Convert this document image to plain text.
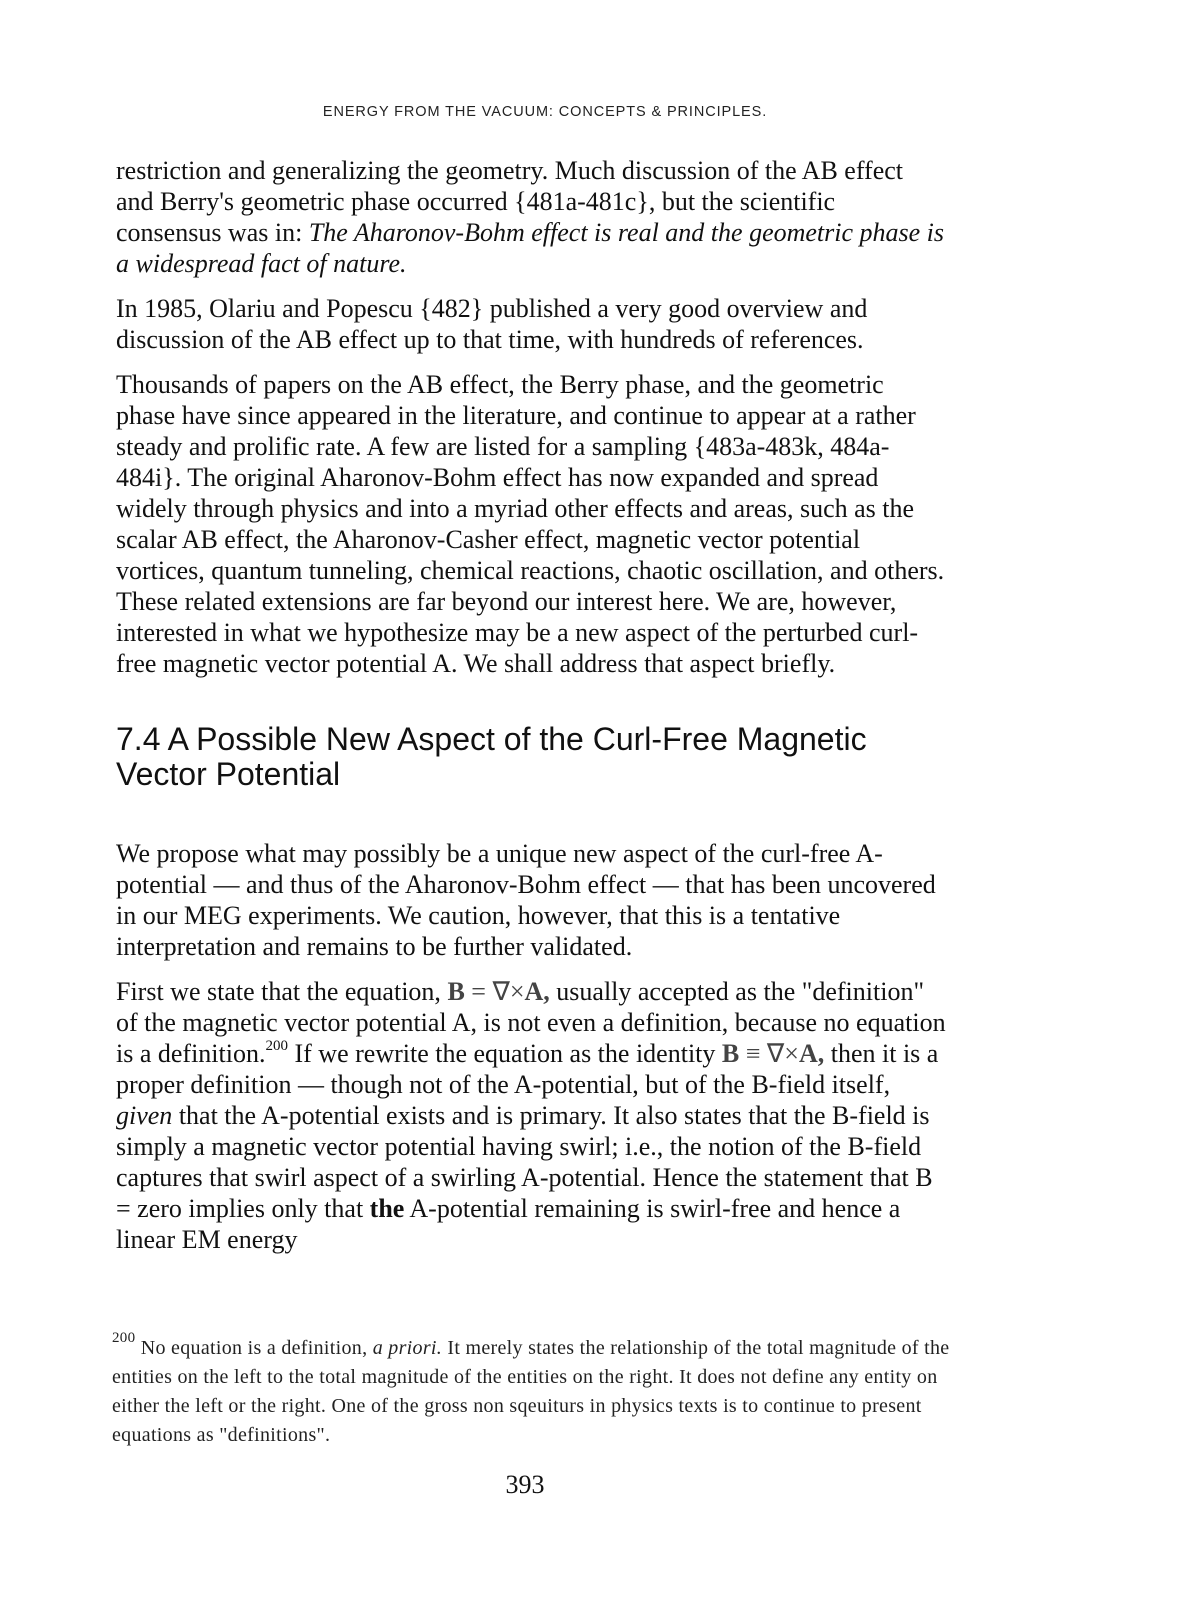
ENERGY FROM THE VACUUM: CONCEPTS & PRINCIPLES.

restriction and generalizing the geometry. Much discussion of the AB effect and Berry's geometric phase occurred {481a-481c}, but the scientific consensus was in: The Aharonov-Bohm effect is real and the geometric phase is a widespread fact of nature.

In 1985, Olariu and Popescu {482} published a very good overview and discussion of the AB effect up to that time, with hundreds of references.

Thousands of papers on the AB effect, the Berry phase, and the geometric phase have since appeared in the literature, and continue to appear at a rather steady and prolific rate. A few are listed for a sampling {483a-483k, 484a-484i}. The original Aharonov-Bohm effect has now expanded and spread widely through physics and into a myriad other effects and areas, such as the scalar AB effect, the Aharonov-Casher effect, magnetic vector potential vortices, quantum tunneling, chemical reactions, chaotic oscillation, and others. These related extensions are far beyond our interest here. We are, however, interested in what we hypothesize may be a new aspect of the perturbed curl-free magnetic vector potential A. We shall address that aspect briefly.

7.4 A Possible New Aspect of the Curl-Free Magnetic Vector Potential

We propose what may possibly be a unique new aspect of the curl-free A-potential — and thus of the Aharonov-Bohm effect — that has been uncovered in our MEG experiments. We caution, however, that this is a tentative interpretation and remains to be further validated.

First we state that the equation, B = ∇×A, usually accepted as the "definition" of the magnetic vector potential A, is not even a definition, because no equation is a definition.$^{200}$ If we rewrite the equation as the identity B ≡ ∇×A, then it is a proper definition — though not of the A-potential, but of the B-field itself, given that the A-potential exists and is primary. It also states that the B-field is simply a magnetic vector potential having swirl; i.e., the notion of the B-field captures that swirl aspect of a swirling A-potential. Hence the statement that B = zero implies only that the A-potential remaining is swirl-free and hence a linear EM energy

$^{200}$ No equation is a definition, a priori. It merely states the relationship of the total magnitude of the entities on the left to the total magnitude of the entities on the right. It does not define any entity on either the left or the right. One of the gross non sqeuiturs in physics texts is to continue to present equations as "definitions".
393
